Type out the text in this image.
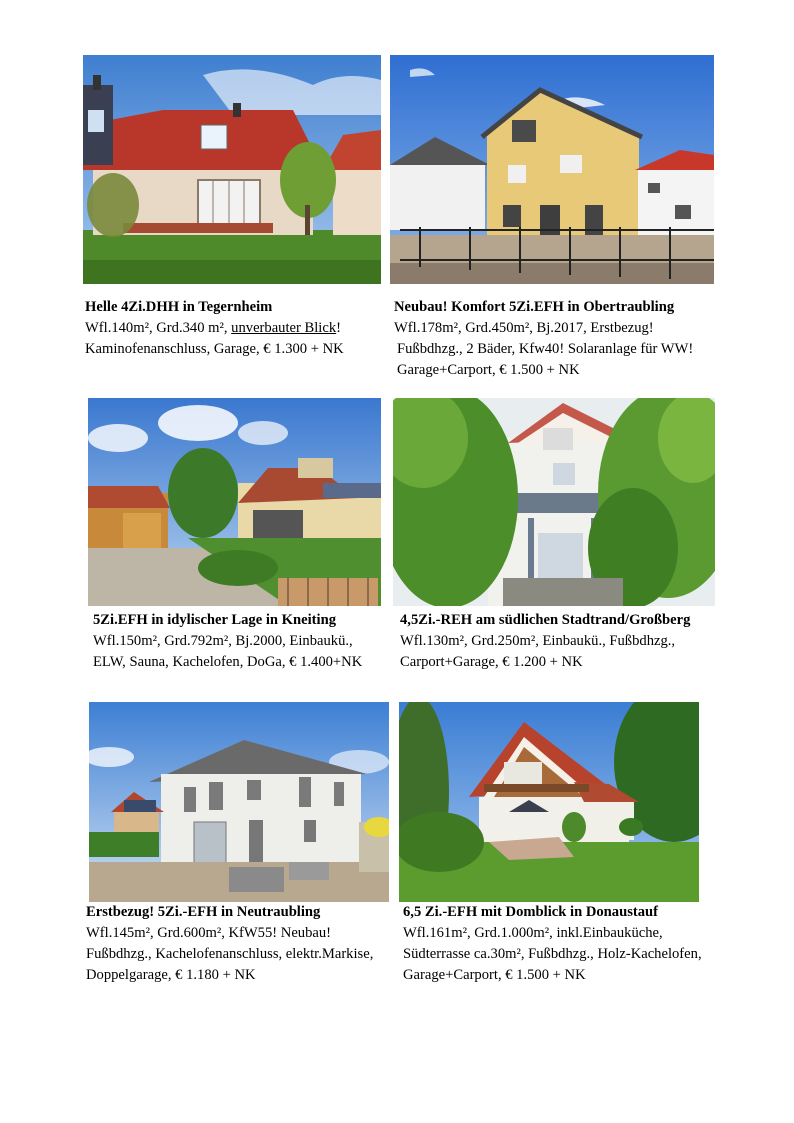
Helle 4Zi.DHH in Tegernheim
Wfl.140m², Grd.340 m², unverbauter Blick!
Kaminofenanschluss, Garage, € 1.300 + NK
Neubau! Komfort 5Zi.EFH in Obertraubling
Wfl.178m², Grd.450m², Bj.2017, Erstbezug!
Fußbdhzg., 2 Bäder, Kfw40! Solaranlage für WW!
Garage+Carport, € 1.500 + NK
5Zi.EFH in idylischer Lage in Kneiting
Wfl.150m², Grd.792m², Bj.2000, Einbaukü.,
ELW, Sauna, Kachelofen, DoGa, € 1.400+NK
4,5Zi.-REH am südlichen Stadtrand/Großberg
Wfl.130m², Grd.250m², Einbaukü., Fußbdhzg.,
Carport+Garage, € 1.200 + NK
Erstbezug! 5Zi.-EFH in Neutraubling
Wfl.145m², Grd.600m², KfW55! Neubau!
Fußbdhzg., Kachelofenanschluss, elektr.Markise,
Doppelgarage, € 1.180 + NK
6,5 Zi.-EFH mit Domblick in Donaustauf
Wfl.161m², Grd.1.000m², inkl.Einbauküche,
Südterrasse ca.30m², Fußbdhzg., Holz-Kachelofen,
Garage+Carport, € 1.500 + NK
